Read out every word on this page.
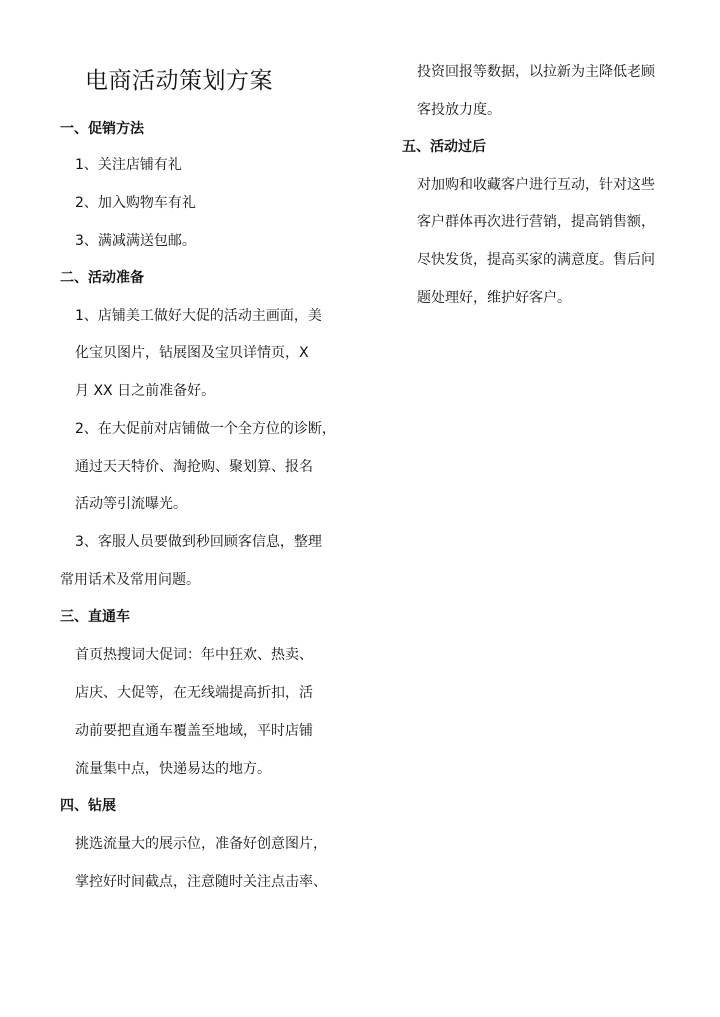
电商活动策划方案
一、促销方法
1、关注店铺有礼
2、加入购物车有礼
3、满减满送包邮。
二、活动准备
1、店铺美工做好大促的活动主画面，美
化宝贝图片，钻展图及宝贝详情页，X
月 XX 日之前准备好。
2、在大促前对店铺做一个全方位的诊断，
通过天天特价、淘抢购、聚划算、报名
活动等引流曝光。
3、客服人员要做到秒回顾客信息，整理
常用话术及常用问题。
三、直通车
首页热搜词大促词：年中狂欢、热卖、
店庆、大促等，在无线端提高折扣，活
动前要把直通车覆盖至地域，平时店铺
流量集中点，快递易达的地方。
四、钻展
挑选流量大的展示位，准备好创意图片，
掌控好时间截点，注意随时关注点击率、
投资回报等数据，以拉新为主降低老顾
客投放力度。
五、活动过后
对加购和收藏客户进行互动，针对这些
客户群体再次进行营销，提高销售额，
尽快发货，提高买家的满意度。售后问
题处理好，维护好客户。
